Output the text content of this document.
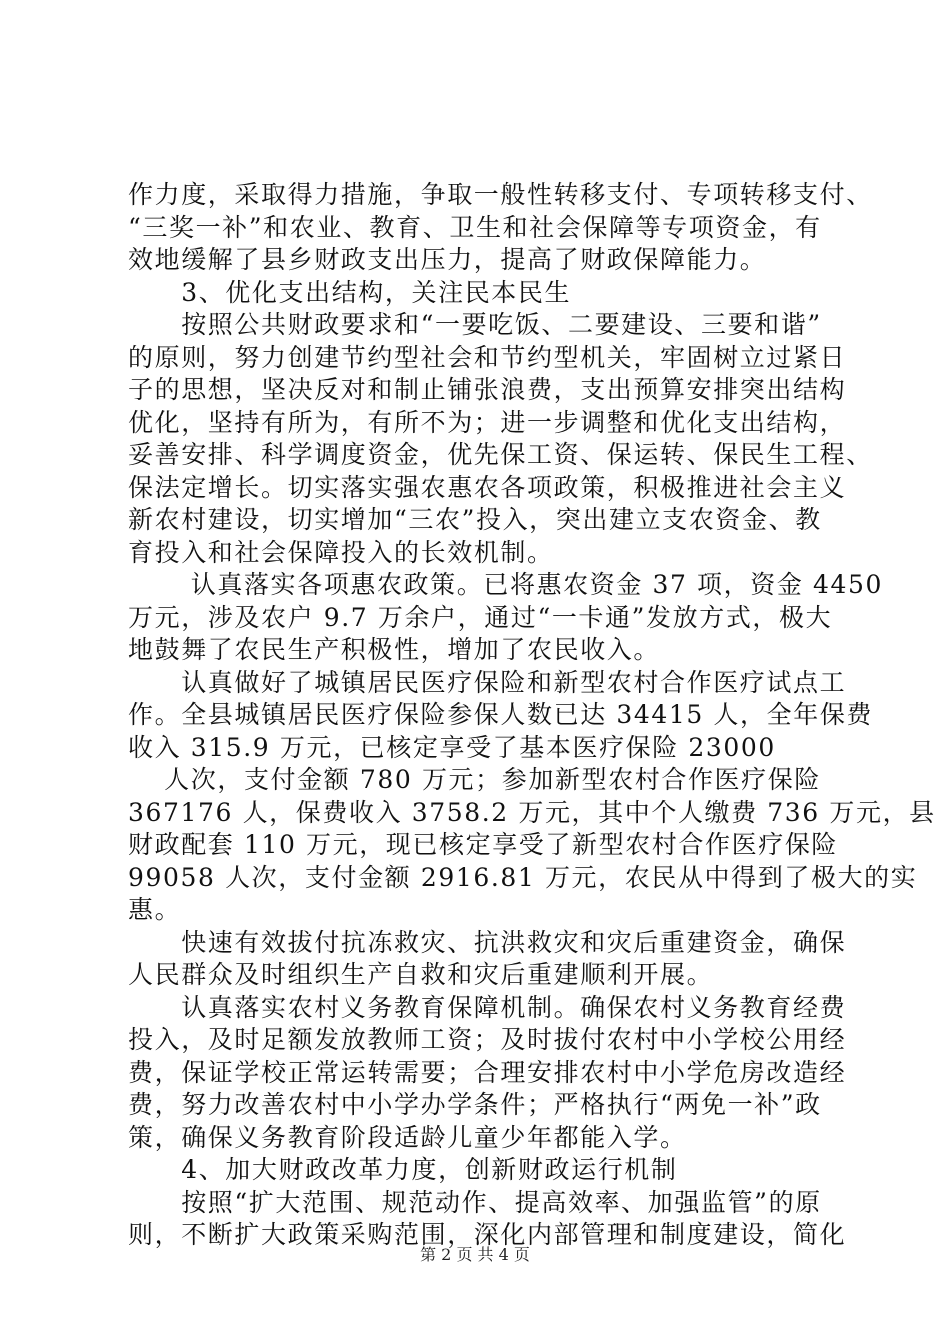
作力度，采取得力措施，争取一般性转移支付、专项转移支付、
“三奖一补”和农业、教育、卫生和社会保障等专项资金，有
效地缓解了县乡财政支出压力，提高了财政保障能力。
　　3、优化支出结构，关注民本民生
　　按照公共财政要求和“一要吃饭、二要建设、三要和谐”
的原则，努力创建节约型社会和节约型机关，牢固树立过紧日
子的思想，坚决反对和制止铺张浪费，支出预算安排突出结构
优化，坚持有所为，有所不为；进一步调整和优化支出结构，
妥善安排、科学调度资金，优先保工资、保运转、保民生工程、
保法定增长。切实落实强农惠农各项政策，积极推进社会主义
新农村建设，切实增加“三农”投入，突出建立支农资金、教
育投入和社会保障投入的长效机制。
　　 认真落实各项惠农政策。已将惠农资金 37 项，资金 4450
万元，涉及农户 9.7 万余户，通过“一卡通”发放方式，极大
地鼓舞了农民生产积极性，增加了农民收入。
　　认真做好了城镇居民医疗保险和新型农村合作医疗试点工
作。全县城镇居民医疗保险参保人数已达 34415 人，全年保费
收入 315.9 万元，已核定享受了基本医疗保险 23000
　 人次，支付金额 780 万元；参加新型农村合作医疗保险
367176 人，保费收入 3758.2 万元，其中个人缴费 736 万元，县
财政配套 110 万元，现已核定享受了新型农村合作医疗保险
99058 人次，支付金额 2916.81 万元，农民从中得到了极大的实
惠。
　　快速有效拔付抗冻救灾、抗洪救灾和灾后重建资金，确保
人民群众及时组织生产自救和灾后重建顺利开展。
　　认真落实农村义务教育保障机制。确保农村义务教育经费
投入，及时足额发放教师工资；及时拔付农村中小学校公用经
费，保证学校正常运转需要；合理安排农村中小学危房改造经
费，努力改善农村中小学办学条件；严格执行“两免一补”政
策，确保义务教育阶段适龄儿童少年都能入学。
　　4、加大财政改革力度，创新财政运行机制
　　按照“扩大范围、规范动作、提高效率、加强监管”的原
则，不断扩大政策采购范围，深化内部管理和制度建设，简化
第 2 页 共 4 页
